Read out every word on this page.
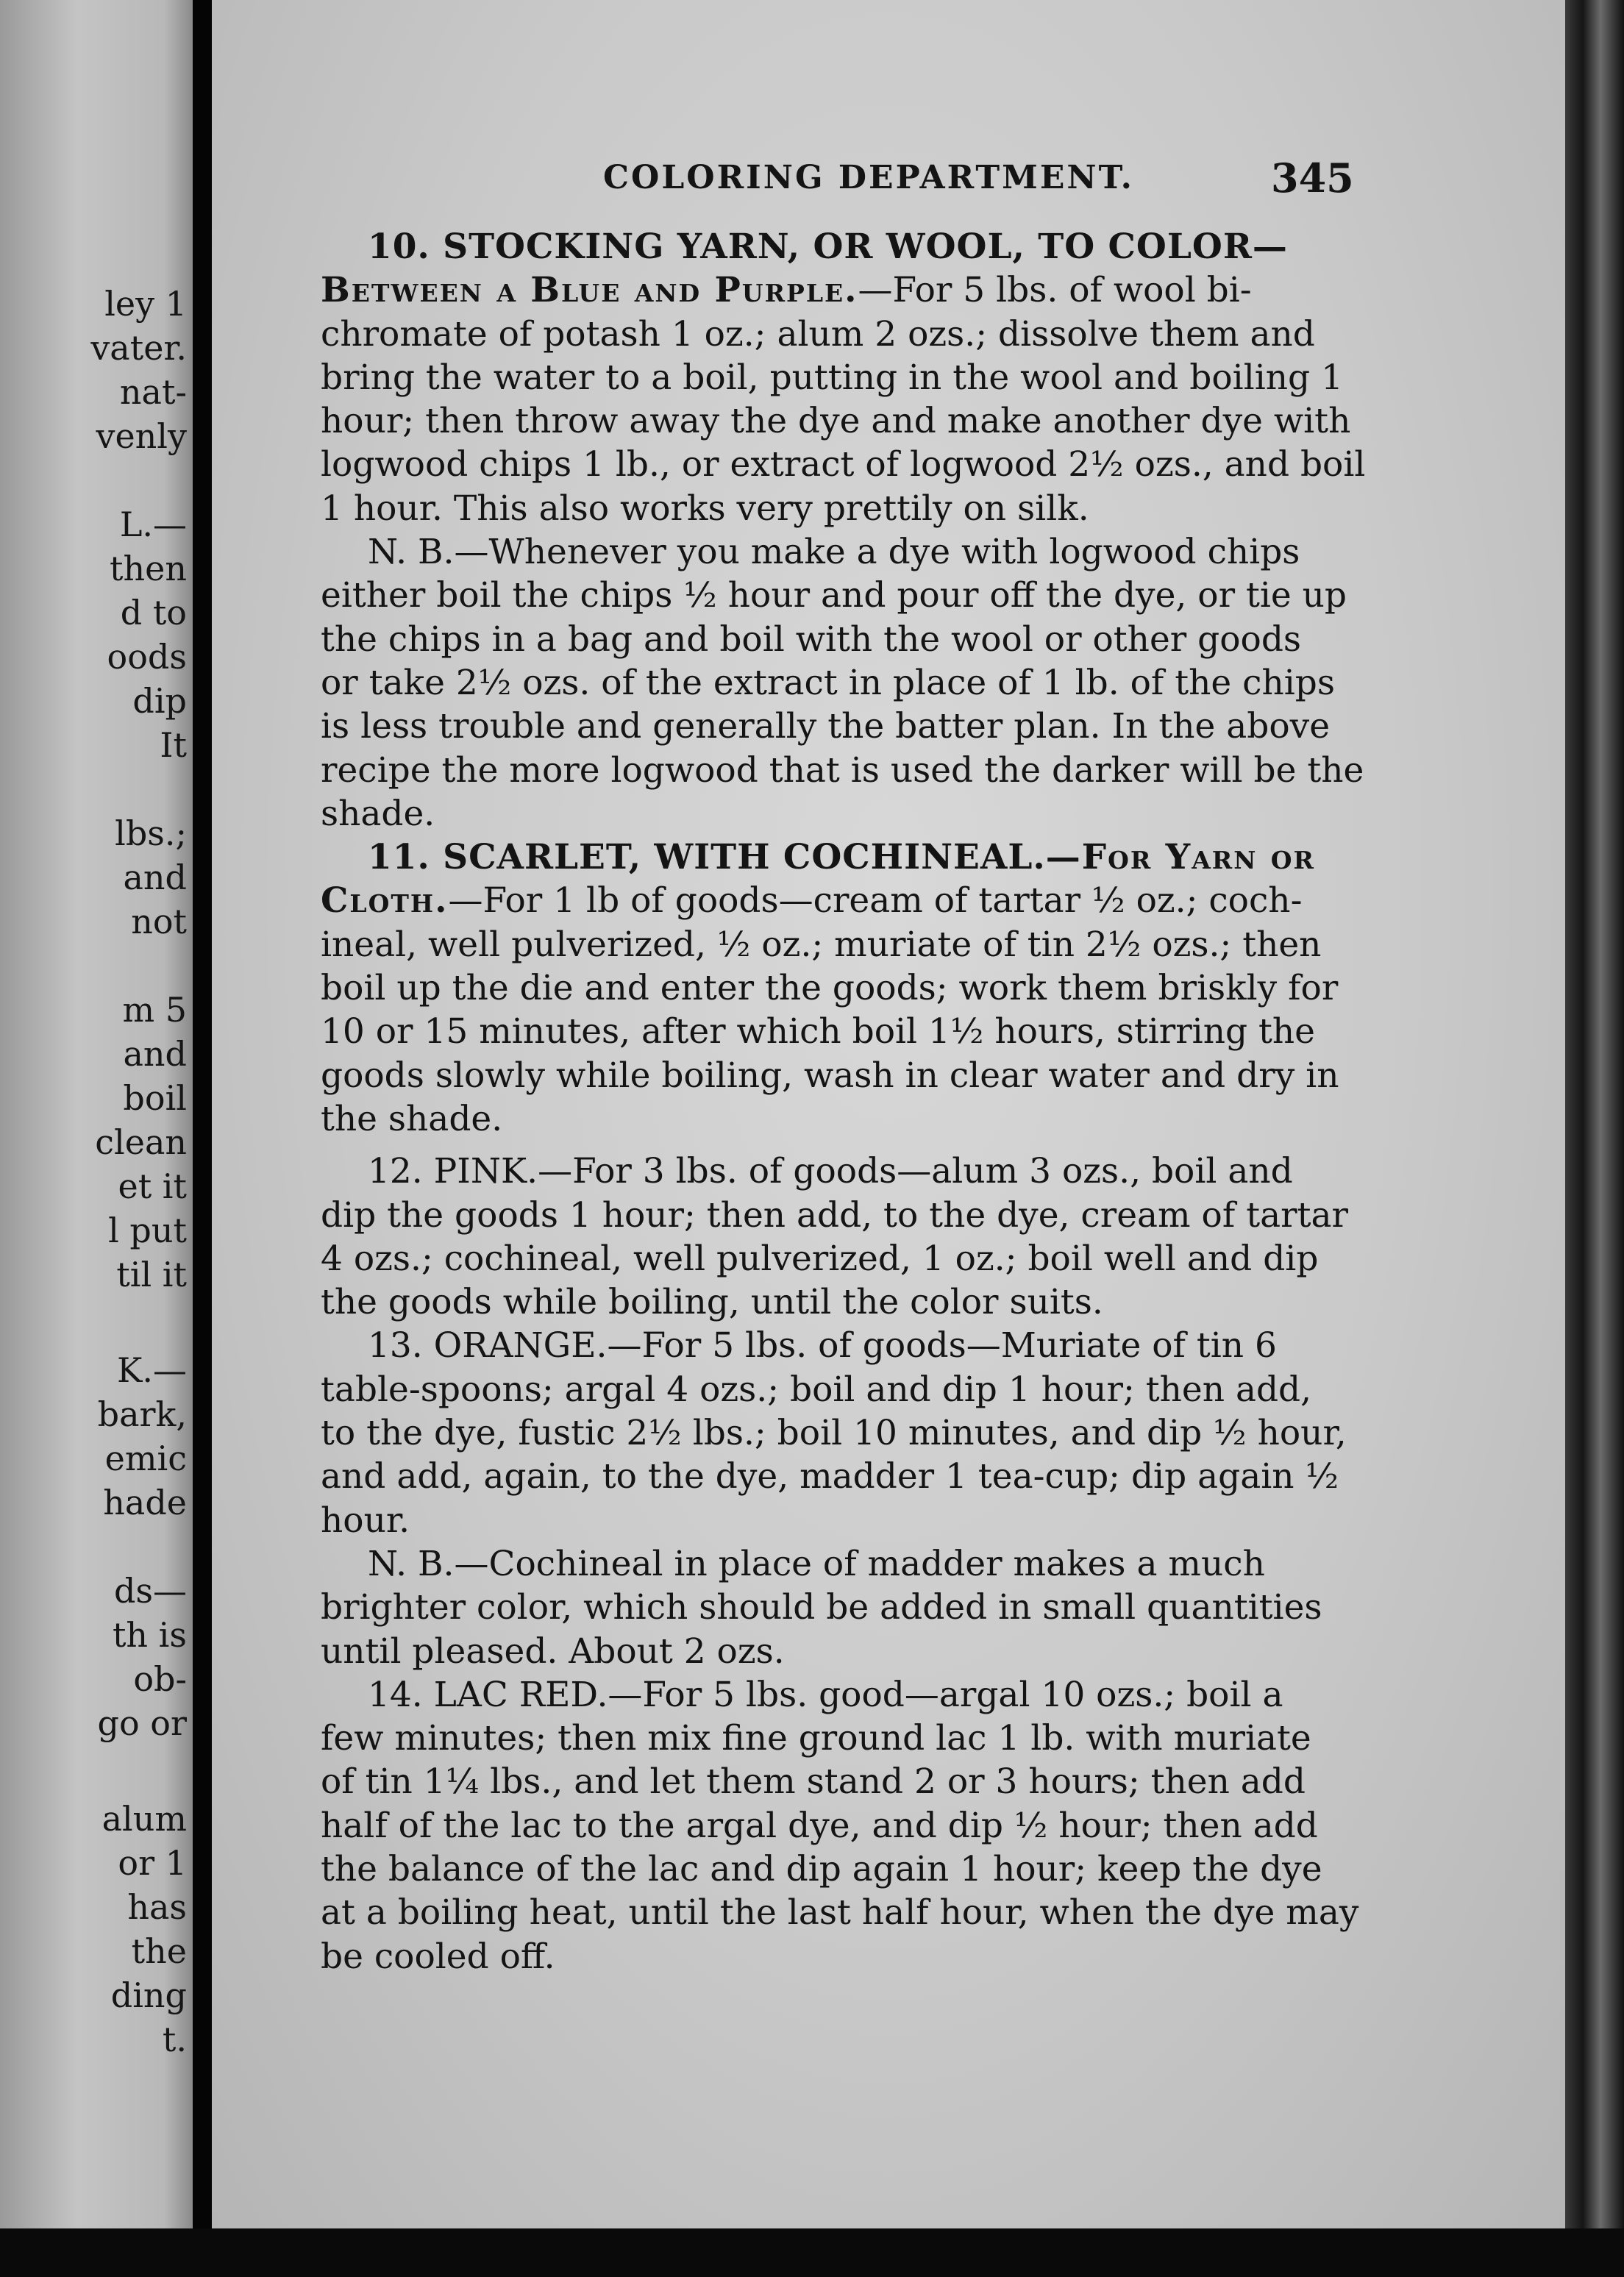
ley 1
vater.
nat-
venly
L.—
then
d to
oods
dip
It
lbs.;
and
not
m 5
and
boil
clean
et it
l put
til it
K.—
bark,
emic
hade
ds—
th is
ob-
go or
alum
or 1
has
the
ding
t.
COLORING DEPARTMENT.	345
10. STOCKING YARN, OR WOOL, TO COLOR—
Between a Blue and Purple.—For 5 lbs. of wool bi-
chromate of potash 1 oz.; alum 2 ozs.; dissolve them and
bring the water to a boil, putting in the wool and boiling 1
hour; then throw away the dye and make another dye with
logwood chips 1 lb., or extract of logwood 2½ ozs., and boil
1 hour. This also works very prettily on silk.
N. B.—Whenever you make a dye with logwood chips
either boil the chips ½ hour and pour off the dye, or tie up
the chips in a bag and boil with the wool or other goods
or take 2½ ozs. of the extract in place of 1 lb. of the chips
is less trouble and generally the batter plan. In the above
recipe the more logwood that is used the darker will be the
shade.
11. SCARLET, WITH COCHINEAL.—For Yarn or
Cloth.—For 1 lb of goods—cream of tartar ½ oz.; coch-
ineal, well pulverized, ½ oz.; muriate of tin 2½ ozs.; then
boil up the die and enter the goods; work them briskly for
10 or 15 minutes, after which boil 1½ hours, stirring the
goods slowly while boiling, wash in clear water and dry in
the shade.
12. PINK.—For 3 lbs. of goods—alum 3 ozs., boil and
dip the goods 1 hour; then add, to the dye, cream of tartar
4 ozs.; cochineal, well pulverized, 1 oz.; boil well and dip
the goods while boiling, until the color suits.
13. ORANGE.—For 5 lbs. of goods—Muriate of tin 6
table-spoons; argal 4 ozs.; boil and dip 1 hour; then add,
to the dye, fustic 2½ lbs.; boil 10 minutes, and dip ½ hour,
and add, again, to the dye, madder 1 tea-cup; dip again ½
hour.
N. B.—Cochineal in place of madder makes a much
brighter color, which should be added in small quantities
until pleased. About 2 ozs.
14. LAC RED.—For 5 lbs. good—argal 10 ozs.; boil a
few minutes; then mix fine ground lac 1 lb. with muriate
of tin 1¼ lbs., and let them stand 2 or 3 hours; then add
half of the lac to the argal dye, and dip ½ hour; then add
the balance of the lac and dip again 1 hour; keep the dye
at a boiling heat, until the last half hour, when the dye may
be cooled off.
